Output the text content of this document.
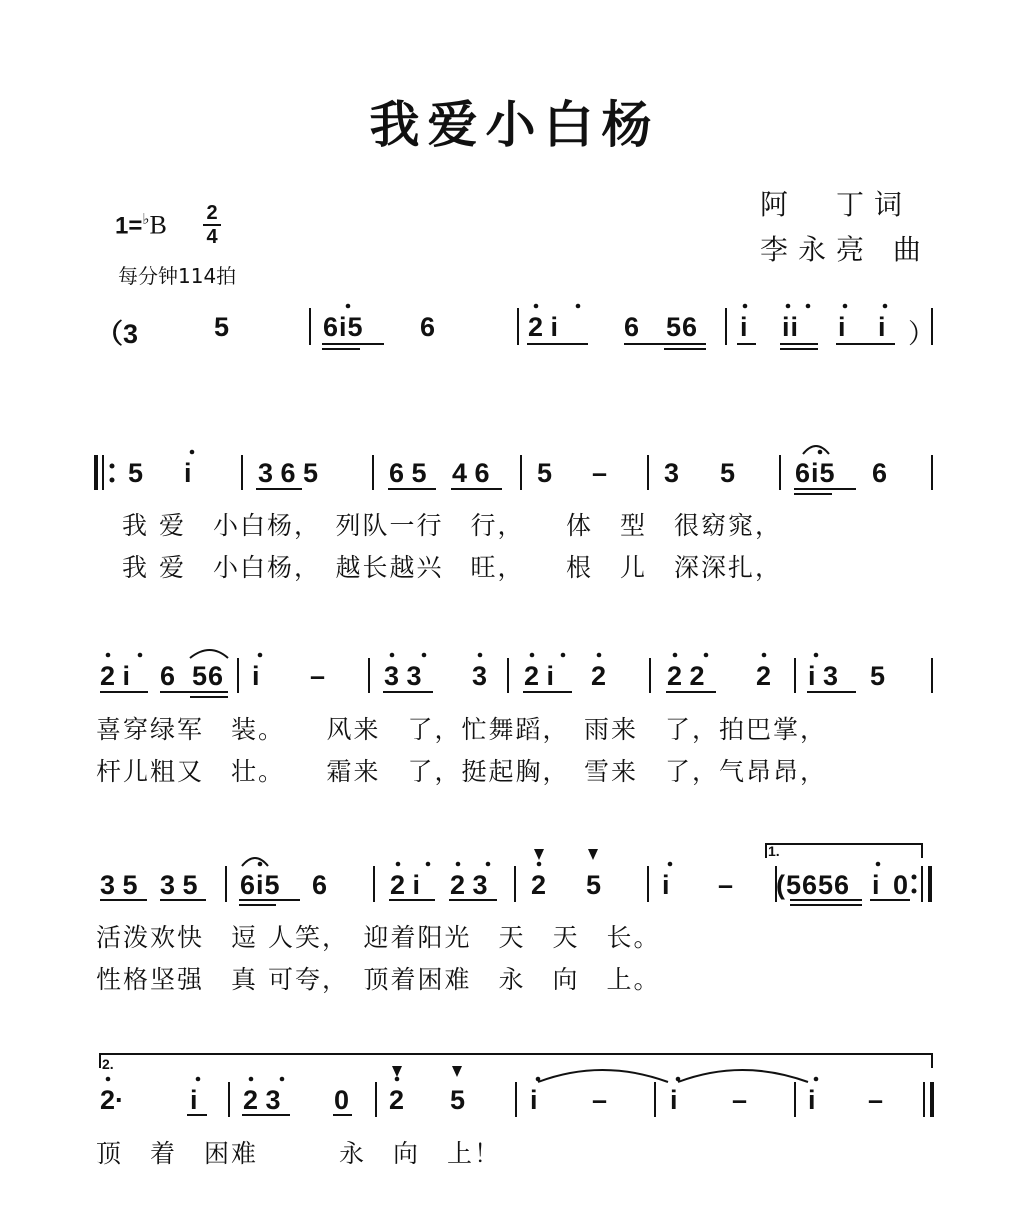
我爱小白杨
阿　丁词
李永亮 曲
1=♭B 2
4
每分钟114拍
（3	5	6i5 6	2 i 6 56 i ii i i ）
5 i 3 6 5	6 5 4 6 5 – 3 5 6i5 6
我 爱　小白杨，　列队一行　行，　　体　型　很窈窕，
我 爱　小白杨，　越长越兴　旺，　　根　儿　深深扎，
2 i 6 56 i – 3 3 3 2 i 2 2 2 2 i 3 5
喜穿绿军　装。　　风来　了，忙舞蹈，　雨来　了，拍巴掌，
杆儿粗又　壮。　　霜来　了，挺起胸，　雪来　了，气昂昂，
3 5 3 5 6i5 6 2 i 2 3 2 5 i – (5656 i 0
1.
活泼欢快　逗 人笑，　迎着阳光　天　天　长。
性格坚强　真 可夸，　顶着困难　永　向　上。
2· i 2 3 0 2 5 i – i – i –
2.
顶　着　困难　　　永　向　上！
